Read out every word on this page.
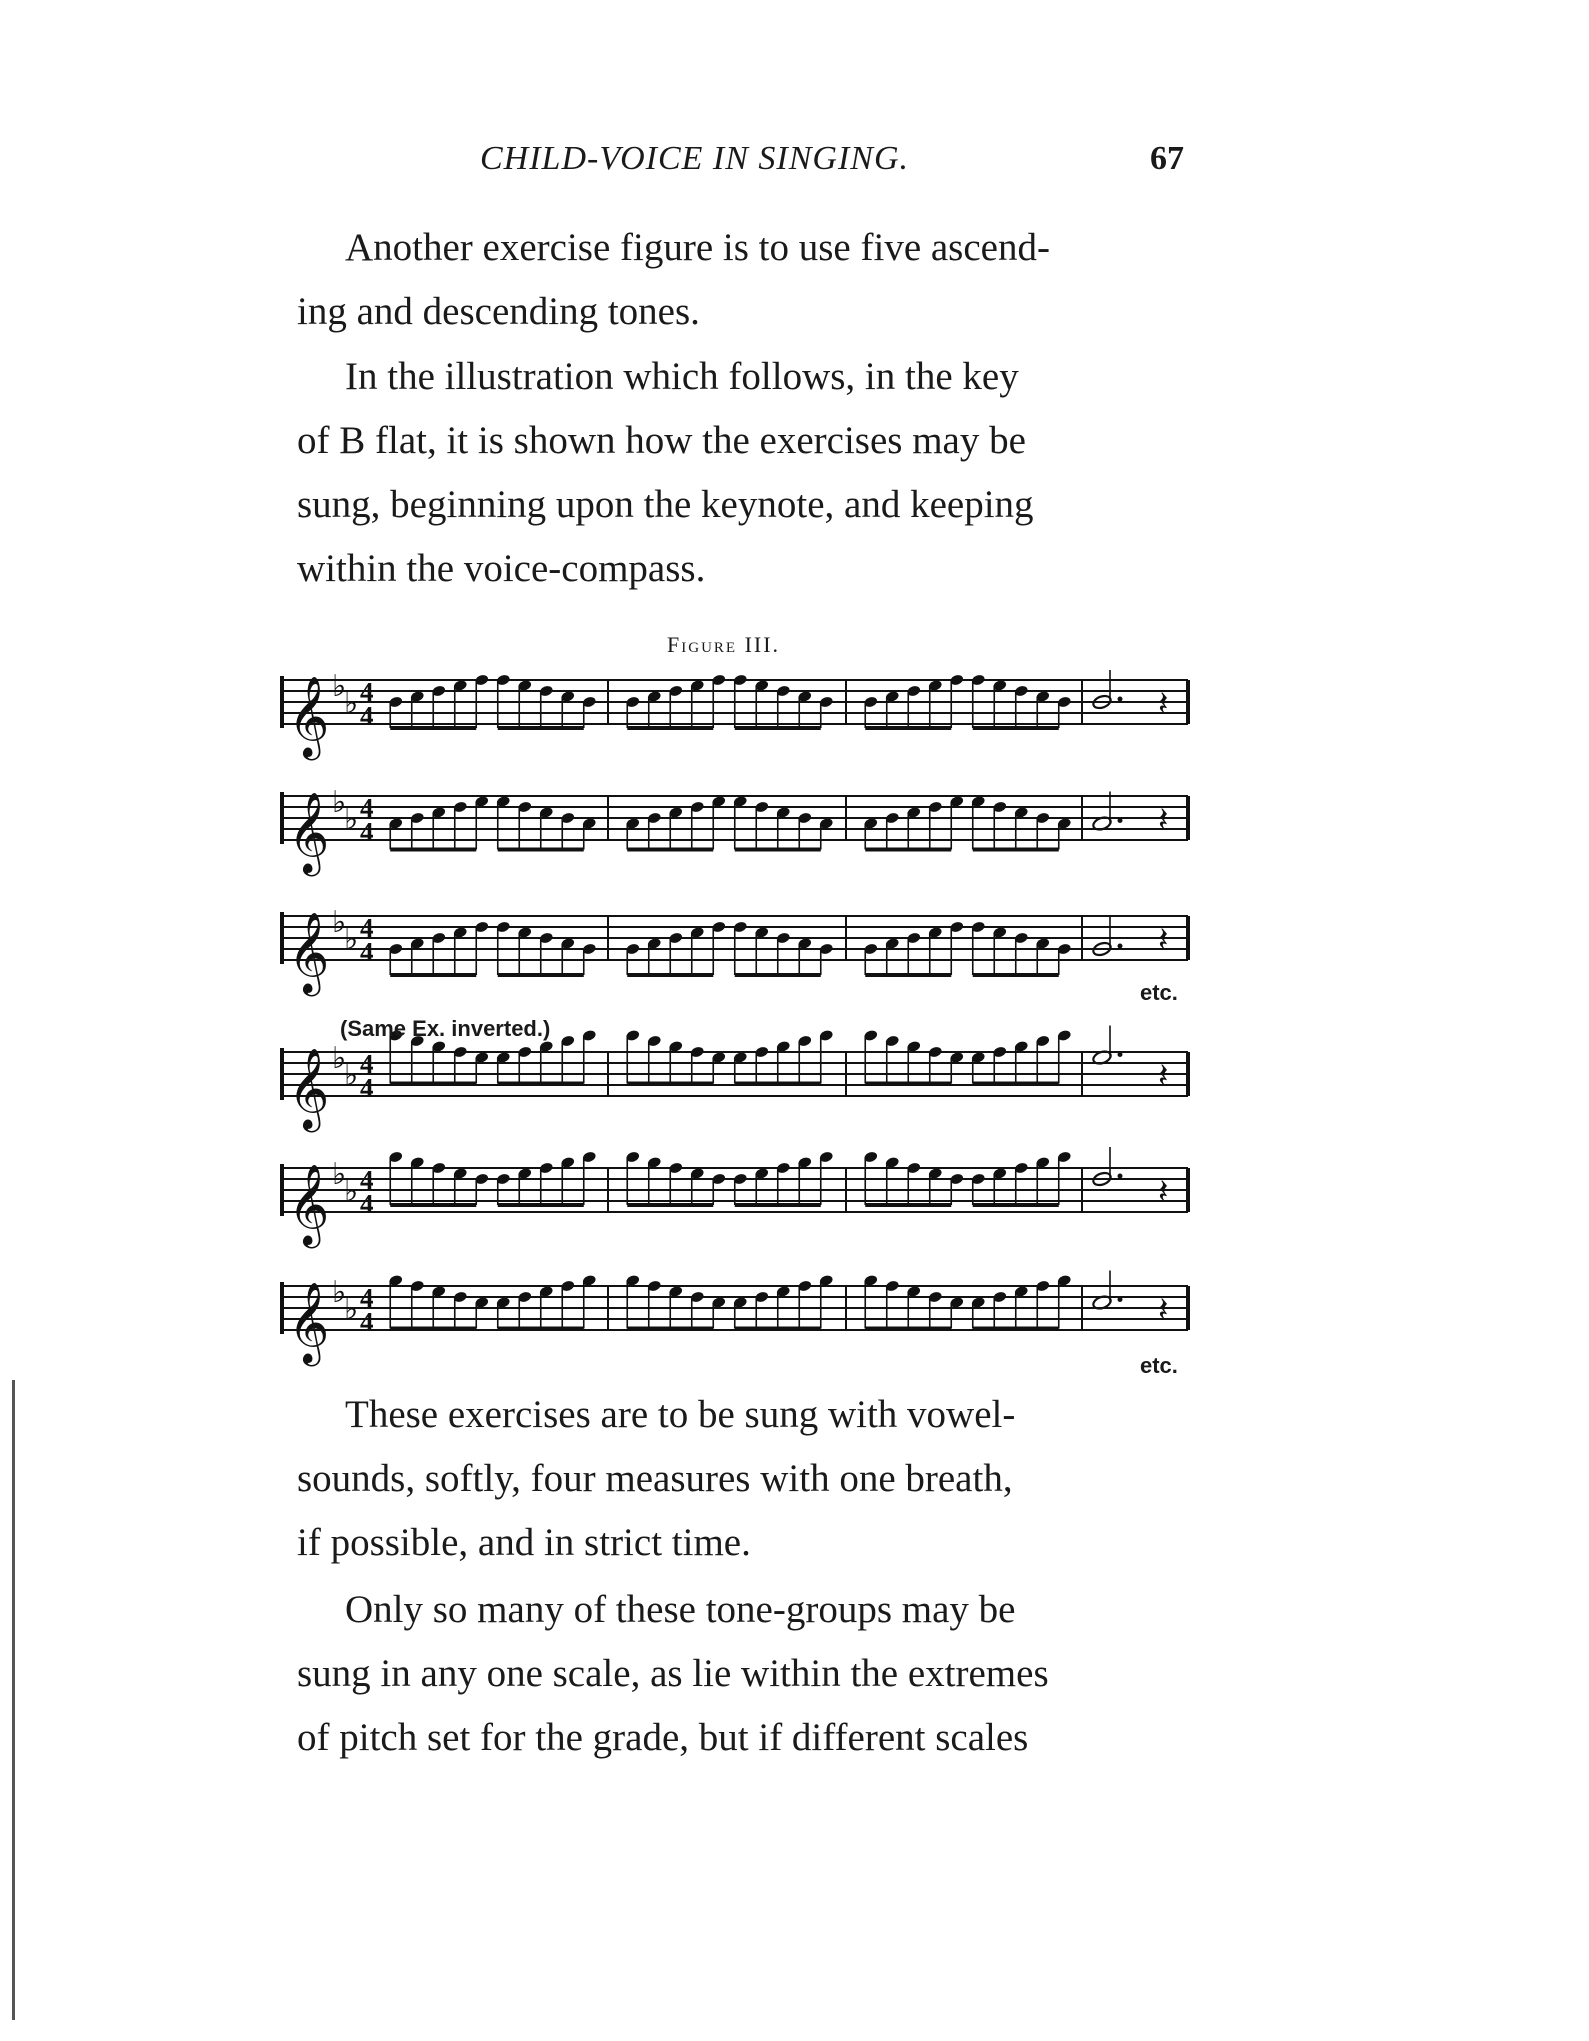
CHILD-VOICE IN SINGING.	67

Another exercise figure is to use five ascend-
ing and descending tones.

In the illustration which follows, in the key
of B flat, it is shown how the exercises may be
sung, beginning upon the keynote, and keeping
within the voice-compass.

Figure III.
𝄞 ♭
♭ 4
4	𝄽
𝄞 ♭
♭ 4
4	𝄽
𝄞 ♭
♭ 4
4	𝄽
𝄞 ♭
♭ 4
4	𝄽
𝄞 ♭
♭ 4
4	𝄽
𝄞 ♭
♭ 4
4	𝄽
(Same Ex. inverted.)
etc.
etc.

These exercises are to be sung with vowel-
sounds, softly, four measures with one breath,
if possible, and in strict time.

Only so many of these tone-groups may be
sung in any one scale, as lie within the extremes
of pitch set for the grade, but if different scales
